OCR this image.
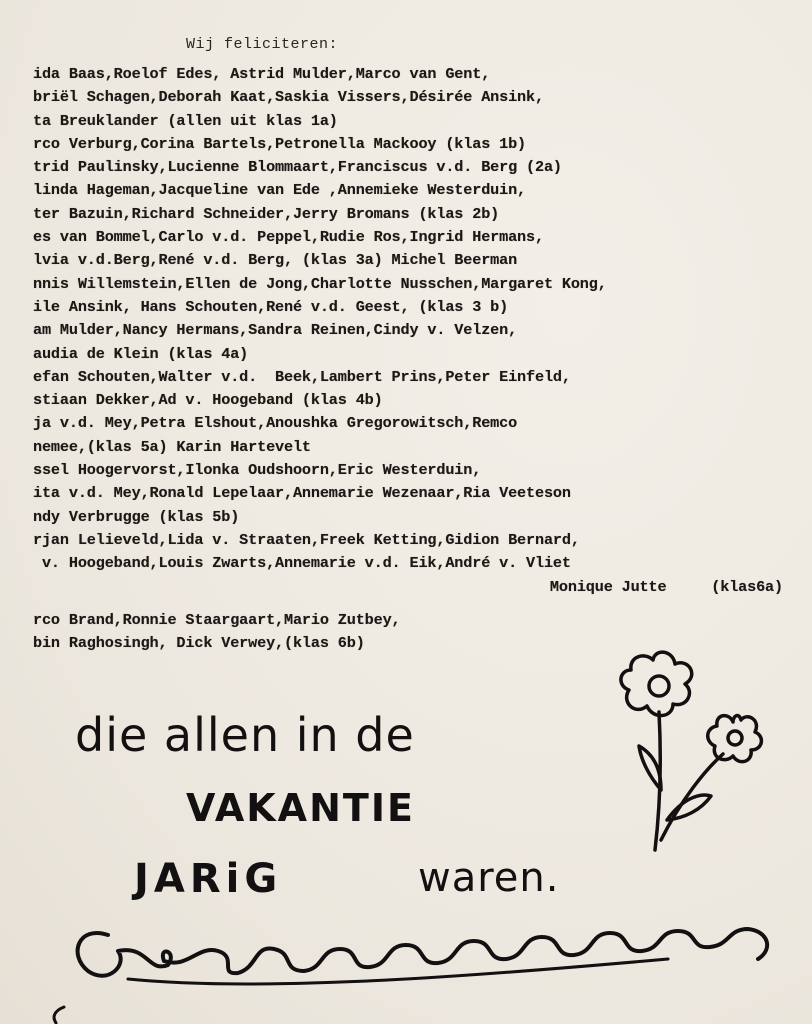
Wij feliciteren:
ida Baas,Roelof Edes, Astrid Mulder,Marco van Gent,
briël Schagen,Deborah Kaat,Saskia Vissers,Désirée Ansink,
ta Breuklander (allen uit klas 1a)
rco Verburg,Corina Bartels,Petronella Mackooy (klas 1b)
trid Paulinsky,Lucienne Blommaart,Franciscus v.d. Berg (2a)
linda Hageman,Jacqueline van Ede ,Annemieke Westerduin,
ter Bazuin,Richard Schneider,Jerry Bromans (klas 2b)
es van Bommel,Carlo v.d. Peppel,Rudie Ros,Ingrid Hermans,
lvia v.d.Berg,René v.d. Berg, (klas 3a) Michel Beerman
nnis Willemstein,Ellen de Jong,Charlotte Nusschen,Margaret Kong,
ile Ansink, Hans Schouten,René v.d. Geest, (klas 3 b)
am Mulder,Nancy Hermans,Sandra Reinen,Cindy v. Velzen,
audia de Klein (klas 4a)
efan Schouten,Walter v.d.  Beek,Lambert Prins,Peter Einfeld,
stiaan Dekker,Ad v. Hoogeband (klas 4b)
ja v.d. Mey,Petra Elshout,Anoushka Gregorowitsch,Remco
nemee,(klas 5a) Karin Hartevelt
ssel Hoogervorst,Ilonka Oudshoorn,Eric Westerduin,
ita v.d. Mey,Ronald Lepelaar,Annemarie Wezenaar,Ria Veeteson
ndy Verbrugge (klas 5b)
rjan Lelieveld,Lida v. Straaten,Freek Ketting,Gidion Bernard,
v. Hoogeband,Louis Zwarts,Annemarie v.d. Eik,André v. Vliet
Monique Jutte     (klas6a)
rco Brand,Ronnie Staargaart,Mario Zutbey,
bin Raghosingh, Dick Verwey,(klas 6b)
die allen in de
VAKANTIE
JARiG	waren.
